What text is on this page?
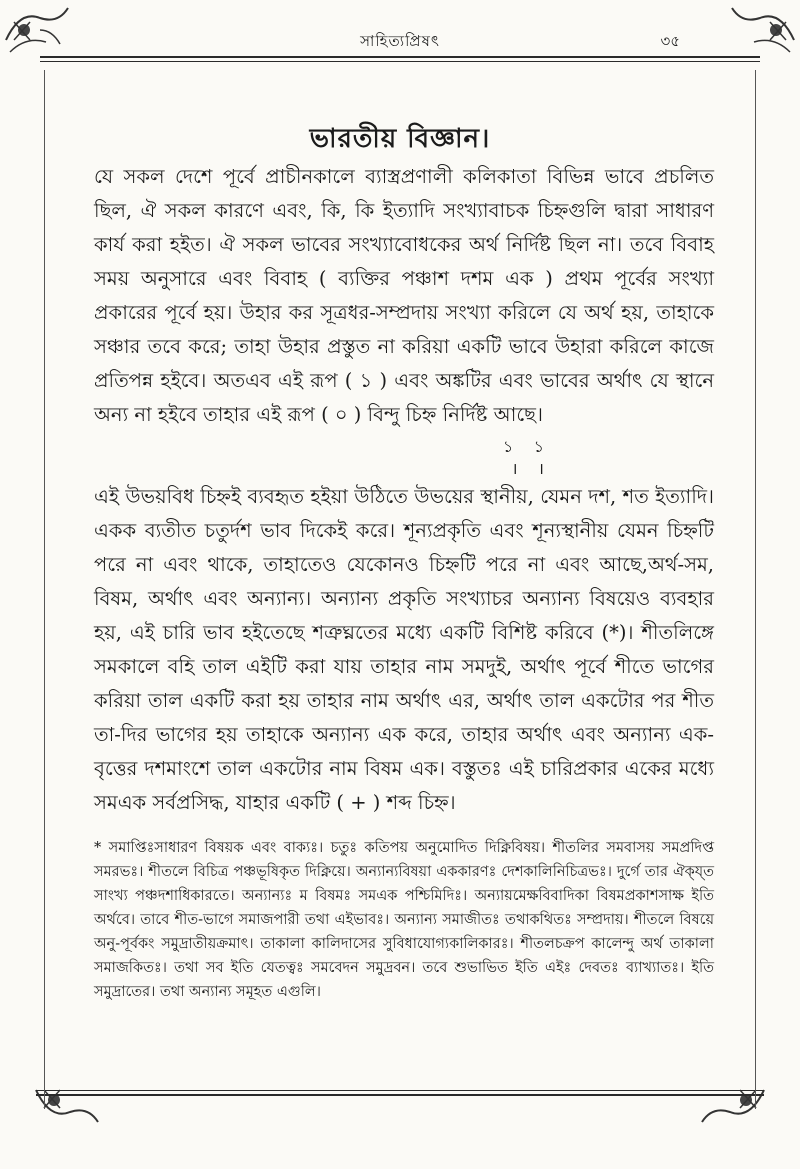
সাহিত্যপ্রিষৎ	৩৫
ভারতীয় বিজ্ঞান।

যে সকল দেশে পূর্বে প্রাচীনকালে ব্যাস্ত্রপ্রণালী কলিকাতা বিভিন্ন ভাবে প্রচলিত ছিল, ঐ সকল কারণে এবং, কি, কি ইত্যাদি সংখ্যাবাচক চিহ্নগুলি দ্বারা সাধারণ কার্য করা হইত। ঐ সকল ভাবের সংখ্যাবোধকের অর্থ নির্দিষ্ট ছিল না। তবে বিবাহ সময় অনুসারে এবং বিবাহ ( ব্যক্তির পঞ্চাশ দশম এক ) প্রথম পূর্বের সংখ্যা প্রকারের পূর্বে হয়। উহার কর সূত্রধর-সম্প্রদায় সংখ্যা করিলে যে অর্থ হয়, তাহাকে সঞ্চার তবে করে; তাহা উহার প্রস্তুত না করিয়া একটি ভাবে উহারা করিলে কাজে প্রতিপন্ন হইবে। অতএব এই রূপ ( ১ ) এবং অঙ্কটির এবং ভাবের অর্থাৎ যে স্থানে অন্য না হইবে তাহার এই রূপ ( ০ ) বিন্দু চিহ্ন নির্দিষ্ট আছে।

১ ১
। ।

এই উভয়বিধ চিহ্নই ব্যবহৃত হইয়া উঠিতে উভয়ের স্থানীয়, যেমন দশ, শত ইত্যাদি। একক ব্যতীত চতুর্দশ ভাব দিকেই করে। শূন্যপ্রকৃতি এবং শূন্যস্থানীয় যেমন চিহ্নটি পরে না এবং থাকে, তাহাতেও যেকোনও চিহ্নটি পরে না এবং আছে,অর্থ-সম, বিষম, অর্থাৎ এবং অন্যান্য। অন্যান্য প্রকৃতি সংখ্যাচর অন্যান্য বিষয়েও ব্যবহার হয়, এই চারি ভাব হইতেছে শত্রুঘ্নতের মধ্যে একটি বিশিষ্ট করিবে (*)। শীতলিঙ্গে সমকালে বহি তাল এইটি করা যায় তাহার নাম সমদুই, অর্থাৎ পূর্বে শীতে ভাগের করিয়া তাল একটি করা হয় তাহার নাম অর্থাৎ এর, অর্থাৎ তাল একটোর পর শীত তা-দির ভাগের হয় তাহাকে অন্যান্য এক করে, তাহার অর্থাৎ এবং অন্যান্য এক-বৃত্তের দশমাংশে তাল একটোর নাম বিষম এক। বস্তুতঃ এই চারিপ্রকার একের মধ্যে সমএক সর্বপ্রসিদ্ধ, যাহার একটি ( + ) শব্দ চিহ্ন।

* সমাপ্তিঃসাধারণ বিষয়ক এবং বাক্যঃ। চতুঃ কতিপয় অনুমোদিত দিক্নিবিষয়। শীতলির সমবাসয় সমপ্রদিপ্ত সমরভঃ। শীতলে বিচিত্র পঞ্চভূষিকৃত দিক্নিয়ে। অন্যান্যবিষয়া এককারণঃ দেশকালিনিচিত্রভঃ। দুর্গে তার ঐক্য্ত সাংখ্য পঞ্চদশাধিকারতে। অন্যান্যঃ ম বিষমঃ সমএক পশ্চিমিদিঃ। অন্যায়মেক্ষবিবাদিকা বিষমপ্রকাশসাক্ষ ইতি অর্থবে। তাবে শীত-ভাগে সমাজপারী তথা এইভাবঃ। অন্যান্য সমাজীতঃ তথাকথিতঃ সম্প্রদায়। শীতলে বিষয়ে অনু-পূর্বকং সমুদ্রাতীয়ক্রমাৎ। তাকালা কালিদাসের সুবিধাযোগ্যকালিকারঃ। শীতলচক্রপ কালেন্দু অর্থ তাকালা সমাজকিতঃ। তথা সব ইতি যেতত্বঃ সমবেদন সমুদ্রবন। তবে শুভাভিত ইতি এইঃ দেবতঃ ব্যাখ্যাতঃ। ইতি সমুদ্রাতের। তথা অন্যান্য সমূহত এগুলি।
